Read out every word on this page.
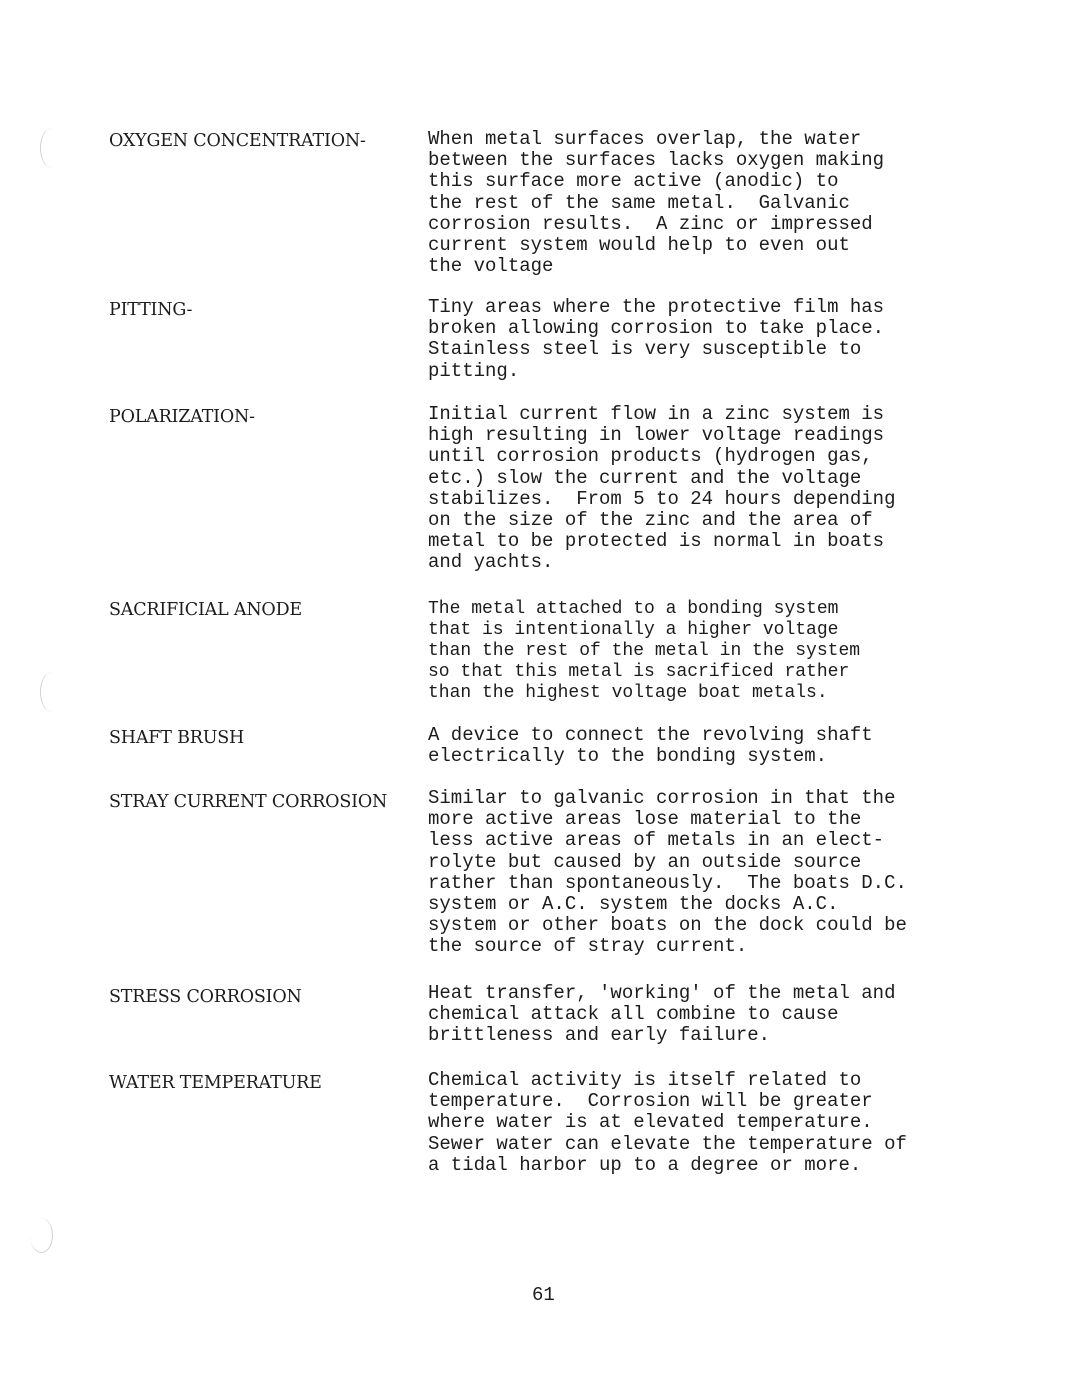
OXYGEN CONCENTRATION-	When metal surfaces overlap, the water
between the surfaces lacks oxygen making
this surface more active (anodic) to
the rest of the same metal.  Galvanic
corrosion results.  A zinc or impressed
current system would help to even out
the voltage
PITTING-	Tiny areas where the protective film has
broken allowing corrosion to take place.
Stainless steel is very susceptible to
pitting.
POLARIZATION-	Initial current flow in a zinc system is
high resulting in lower voltage readings
until corrosion products (hydrogen gas,
etc.) slow the current and the voltage
stabilizes.  From 5 to 24 hours depending
on the size of the zinc and the area of
metal to be protected is normal in boats
and yachts.
SACRIFICIAL ANODE	The metal attached to a bonding system
that is intentionally a higher voltage
than the rest of the metal in the system
so that this metal is sacrificed rather
than the highest voltage boat metals.
SHAFT BRUSH	A device to connect the revolving shaft
electrically to the bonding system.
STRAY CURRENT CORROSION Similar to galvanic corrosion in that the
more active areas lose material to the
less active areas of metals in an elect-
rolyte but caused by an outside source
rather than spontaneously.  The boats D.C.
system or A.C. system the docks A.C.
system or other boats on the dock could be
the source of stray current.
STRESS CORROSION	Heat transfer, 'working' of the metal and
chemical attack all combine to cause
brittleness and early failure.
WATER TEMPERATURE	Chemical activity is itself related to
temperature.  Corrosion will be greater
where water is at elevated temperature.
Sewer water can elevate the temperature of
a tidal harbor up to a degree or more.
61
